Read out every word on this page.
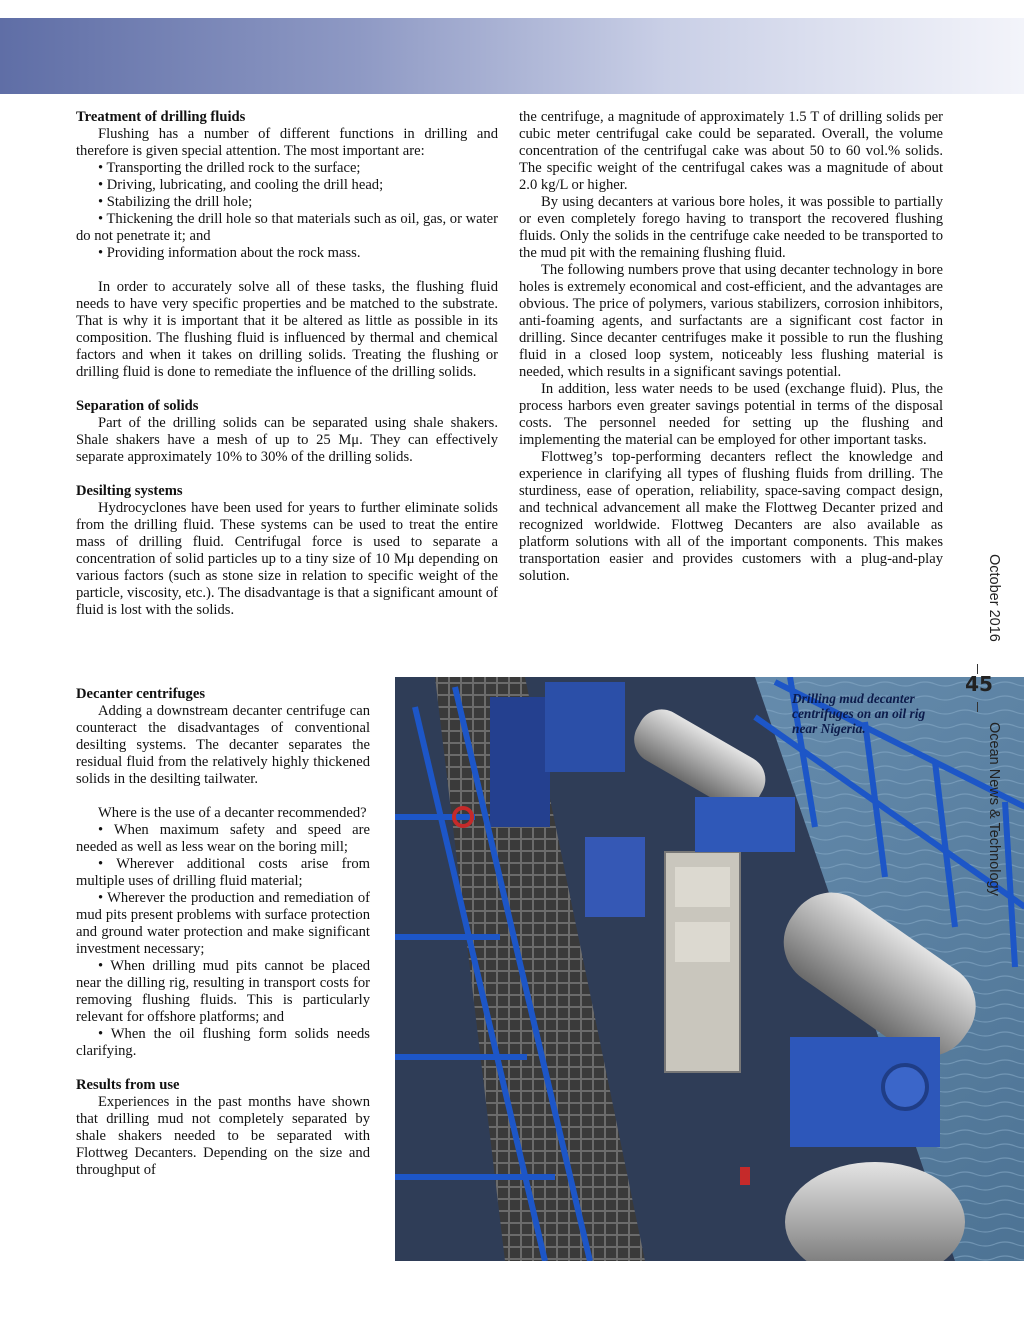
Treatment of drilling fluids

Flushing has a number of different functions in drilling and therefore is given special attention. The most important are:

• Transporting the drilled rock to the surface;

• Driving, lubricating, and cooling the drill head;

• Stabilizing the drill hole;

• Thickening the drill hole so that materials such as oil, gas, or water do not penetrate it; and

• Providing information about the rock mass.

In order to accurately solve all of these tasks, the flushing fluid needs to have very specific properties and be matched to the substrate. That is why it is important that it be altered as little as possible in its composition. The flushing fluid is influenced by thermal and chemical factors and when it takes on drilling solids. Treating the flushing or drilling fluid is done to remediate the influence of the drilling solids.

Separation of solids

Part of the drilling solids can be separated using shale shakers. Shale shakers have a mesh of up to 25 Mμ. They can effectively separate approximately 10% to 30% of the drilling solids.

Desilting systems

Hydrocyclones have been used for years to further eliminate solids from the drilling fluid. These systems can be used to treat the entire mass of drilling fluid. Centrifugal force is used to separate a concentration of solid particles up to a tiny size of 10 Mμ depending on various factors (such as stone size in relation to specific weight of the particle, viscosity, etc.). The disadvantage is that a significant amount of fluid is lost with the solids.

the centrifuge, a magnitude of approximately 1.5 T of drilling solids per cubic meter centrifugal cake could be separated. Overall, the volume concentration of the centrifugal cake was about 50 to 60 vol.% solids. The specific weight of the centrifugal cakes was a magnitude of about 2.0 kg/L or higher.

By using decanters at various bore holes, it was possible to partially or even completely forego having to transport the recovered flushing fluids. Only the solids in the centrifuge cake needed to be transported to the mud pit with the remaining flushing fluid.

The following numbers prove that using decanter technology in bore holes is extremely economical and cost-efficient, and the advantages are obvious. The price of polymers, various stabilizers, corrosion inhibitors, anti-foaming agents, and surfactants are a significant cost factor in drilling. Since decanter centrifuges make it possible to run the flushing fluid in a closed loop system, noticeably less flushing material is needed, which results in a significant savings potential.

In addition, less water needs to be used (exchange fluid). Plus, the process harbors even greater savings potential in terms of the disposal costs. The personnel needed for setting up the flushing and implementing the material can be employed for other important tasks.

Flottweg’s top-performing decanters reflect the knowledge and experience in clarifying all types of flushing fluids from drilling. The sturdiness, ease of operation, reliability, space-saving compact design, and technical advancement all make the Flottweg Decanter prized and recognized worldwide. Flottweg Decanters are also available as platform solutions with all of the important components. This makes transportation easier and provides customers with a plug-and-play solution.

Decanter centrifuges

Adding a downstream decanter centrifuge can counteract the disadvantages of conventional desilting systems. The decanter separates the residual fluid from the relatively highly thickened solids in the desilting tailwater.

Where is the use of a decanter recommended?

• When maximum safety and speed are needed as well as less wear on the boring mill;

• Wherever additional costs arise from multiple uses of drilling fluid material;

• Wherever the production and remediation of mud pits present problems with surface protection and ground water protection and make significant investment necessary;

• When drilling mud pits cannot be placed near the dilling rig, resulting in transport costs for removing flushing fluids. This is particularly relevant for offshore platforms; and

• When the oil flushing form solids needs clarifying.

Results from use

Experiences in the past months have shown that drilling mud not completely separated by shale shakers needed to be separated with Flottweg Decanters. Depending on the size and throughput of

Drilling mud decanter centrifuges on an oil rig near Nigeria.
October 2016
45
Ocean News & Technology
